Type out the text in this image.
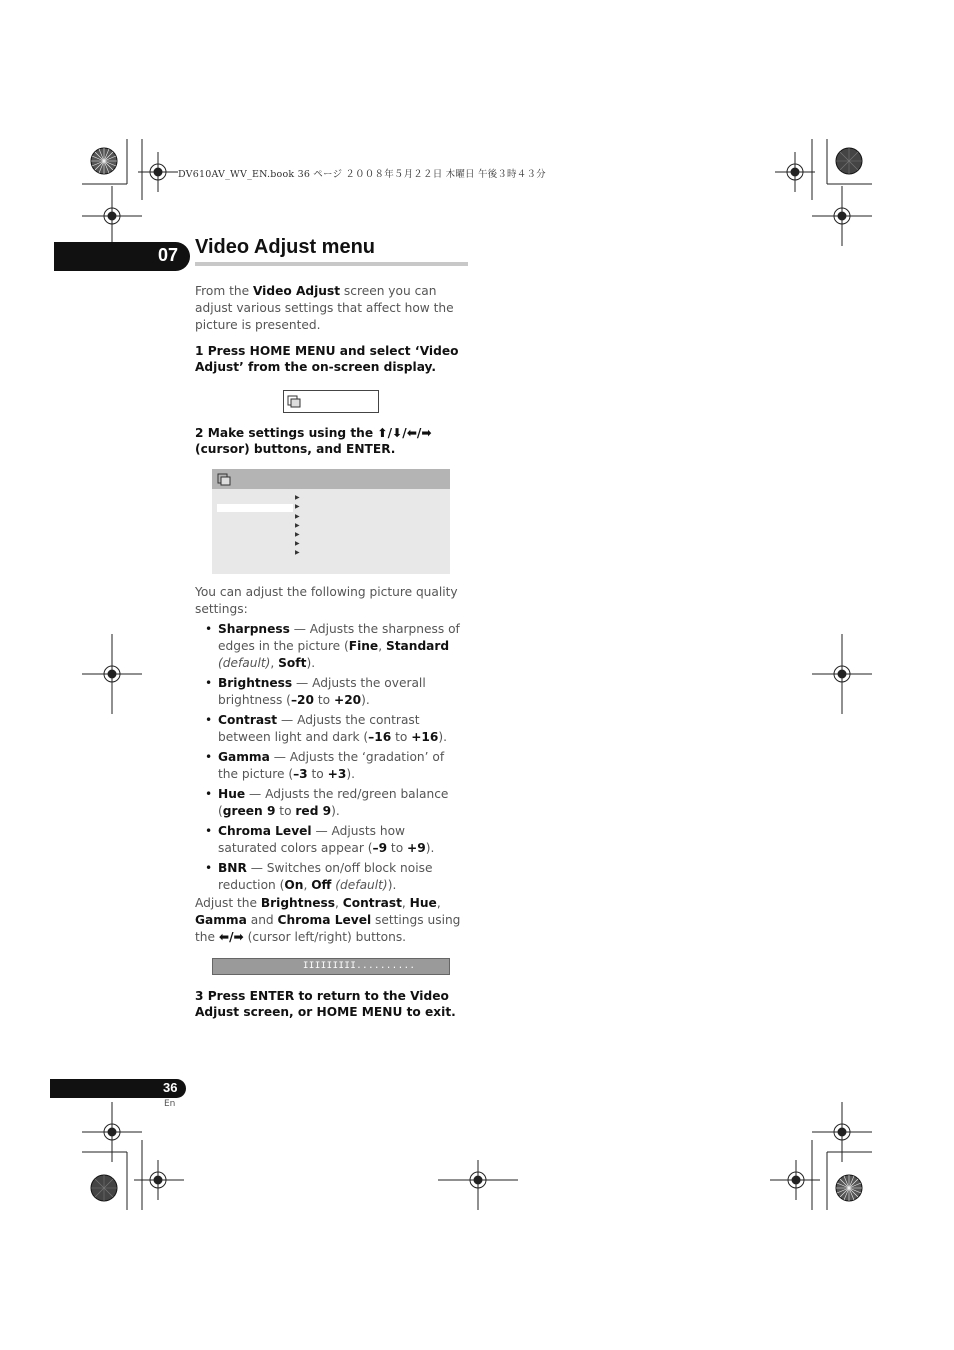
DV610AV_WV_EN.book 36 ページ ２００８年５月２２日 木曜日 午後３時４３分
07 Video Adjust menu
From the Video Adjust screen you can adjust various settings that affect how the picture is presented.
1 Press HOME MENU and select ‘Video Adjust’ from the on-screen display.
2 Make settings using the ⬆/⬇/⬅/➡ (cursor) buttons, and ENTER.
▶
▶
▶
▶
▶
▶
▶
You can adjust the following picture quality settings:
• Sharpness — Adjusts the sharpness of edges in the picture (Fine, Standard (default), Soft).
• Brightness — Adjusts the overall brightness (–20 to +20).
• Contrast — Adjusts the contrast between light and dark (–16 to +16).
• Gamma — Adjusts the ‘gradation’ of the picture (–3 to +3).
• Hue — Adjusts the red/green balance (green 9 to red 9).
• Chroma Level — Adjusts how saturated colors appear (–9 to +9).
• BNR — Switches on/off block noise reduction (On, Off (default)).
Adjust the Brightness, Contrast, Hue, Gamma and Chroma Level settings using the ⬅/➡ (cursor left/right) buttons.
IIIIIIIII..........
3 Press ENTER to return to the Video Adjust screen, or HOME MENU to exit.
36
En
